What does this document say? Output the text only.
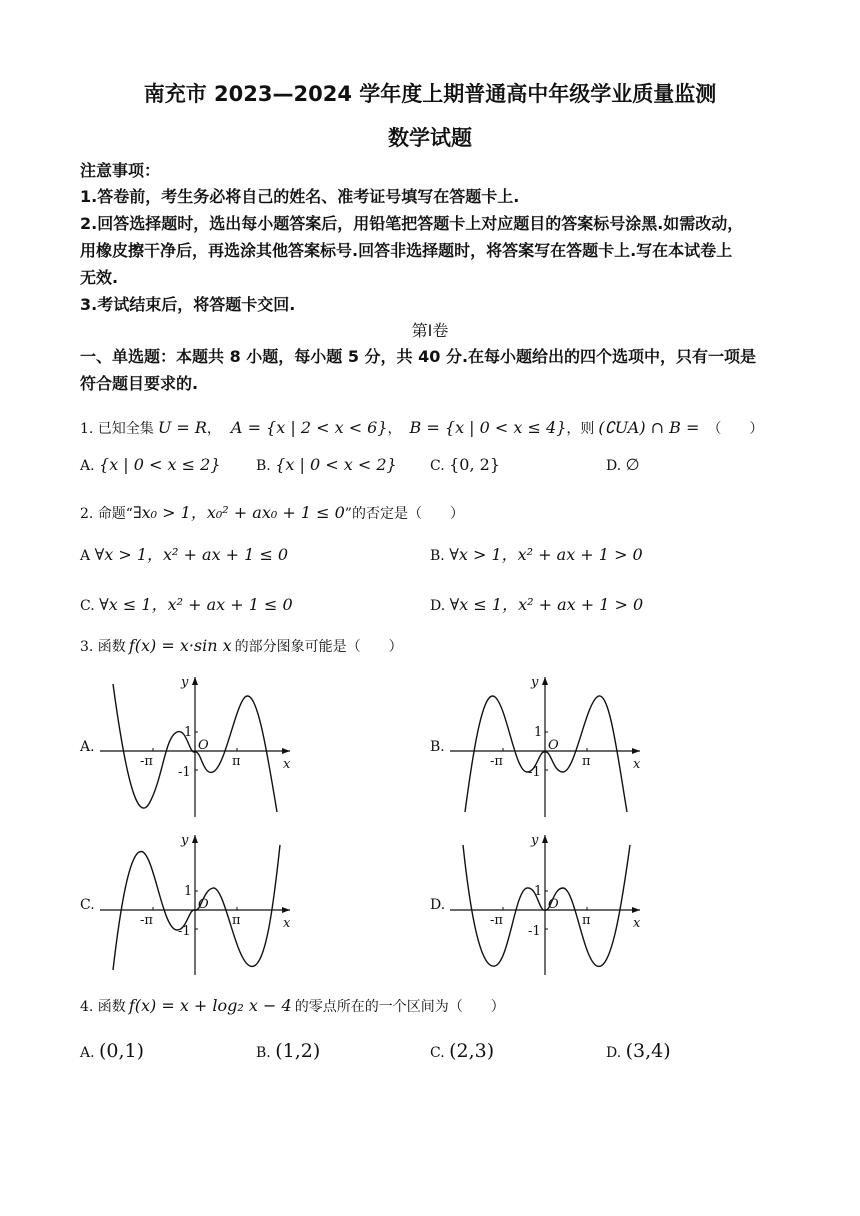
南充市 2023—2024 学年度上期普通高中年级学业质量监测
数学试题
注意事项：
1.答卷前，考生务必将自己的姓名、准考证号填写在答题卡上.
2.回答选择题时，选出每小题答案后，用铅笔把答题卡上对应题目的答案标号涂黑.如需改动，
用橡皮擦干净后，再选涂其他答案标号.回答非选择题时，将答案写在答题卡上.写在本试卷上
无效.
3.考试结束后，将答题卡交回.
第Ⅰ卷
一、单选题：本题共 8 小题，每小题 5 分，共 40 分.在每小题给出的四个选项中，只有一项是
符合题目要求的.
1. 已知全集 U = R， A = {x | 2 < x < 6}， B = {x | 0 < x ≤ 4}，则 (∁UA) ∩ B = （　　）
A. {x | 0 < x ≤ 2}	B. {x | 0 < x < 2} C. {0, 2}	D. ∅
2. 命题“∃x₀ > 1，x₀² + ax₀ + 1 ≤ 0”的否定是（　　）
A ∀x > 1，x² + ax + 1 ≤ 0	B. ∀x > 1，x² + ax + 1 > 0
C. ∀x ≤ 1，x² + ax + 1 ≤ 0	D. ∀x ≤ 1，x² + ax + 1 > 0
3. 函数 f(x) = x·sin x 的部分图象可能是（　　）
A.	B.
C.	D.
y
x
O
1
-1
π
-π
y
x
O
1
-1
π
-π
y
x
O
1
-1
π
-π
y
x
O
1
-1
π
-π
4. 函数 f(x) = x + log₂ x − 4 的零点所在的一个区间为（　　）
A. (0,1)	B. (1,2)	C. (2,3)	D. (3,4)
